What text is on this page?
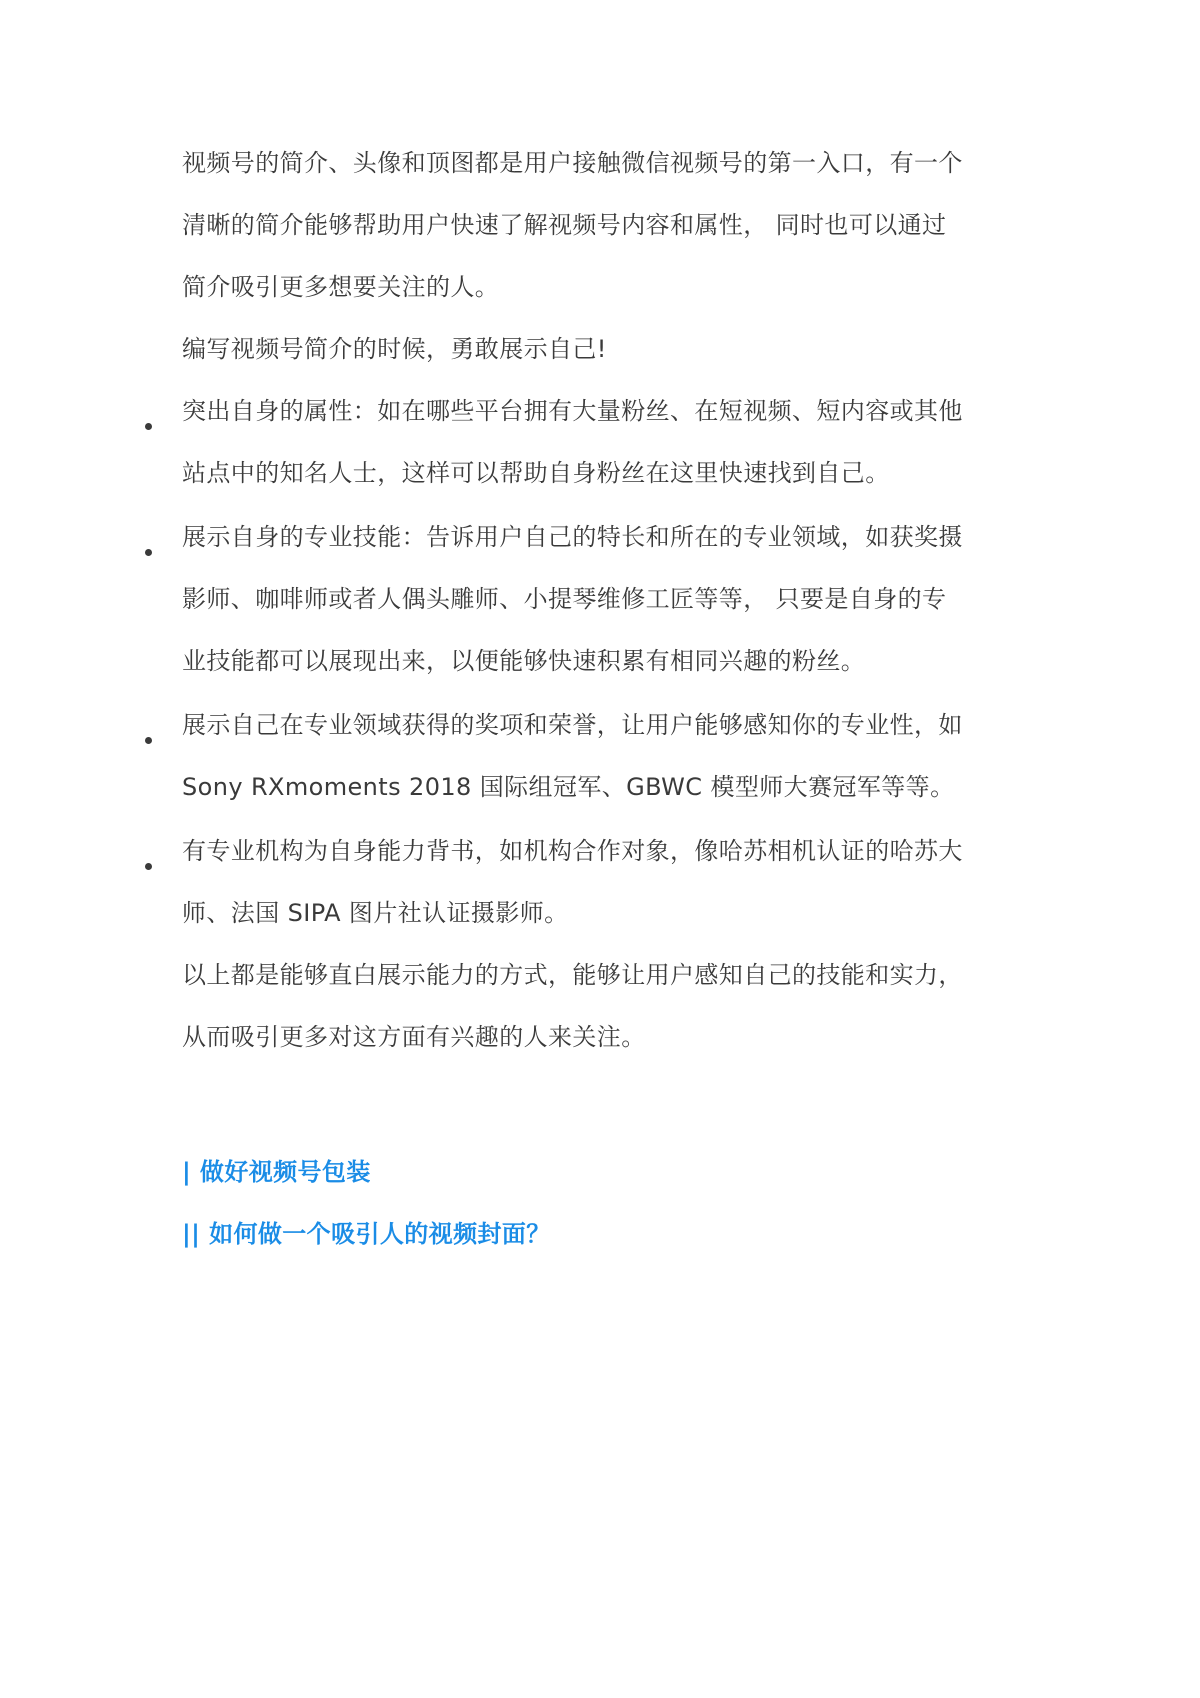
视频号的简介、头像和顶图都是用户接触微信视频号的第一入口，有一个
清晰的简介能够帮助用户快速了解视频号内容和属性， 同时也可以通过
简介吸引更多想要关注的人。
编写视频号简介的时候，勇敢展示自己!
突出自身的属性：如在哪些平台拥有大量粉丝、在短视频、短内容或其他
站点中的知名人士，这样可以帮助自身粉丝在这里快速找到自己。
展示自身的专业技能：告诉用户自己的特长和所在的专业领域，如获奖摄
影师、咖啡师或者人偶头雕师、小提琴维修工匠等等， 只要是自身的专
业技能都可以展现出来，以便能够快速积累有相同兴趣的粉丝。
展示自己在专业领域获得的奖项和荣誉，让用户能够感知你的专业性，如
Sony RXmoments 2018 国际组冠军、GBWC 模型师大赛冠军等等。
有专业机构为自身能力背书，如机构合作对象，像哈苏相机认证的哈苏大
师、法国 SIPA 图片社认证摄影师。
以上都是能够直白展示能力的方式，能够让用户感知自己的技能和实力，
从而吸引更多对这方面有兴趣的人来关注。
| 做好视频号包装
|| 如何做一个吸引人的视频封面？
